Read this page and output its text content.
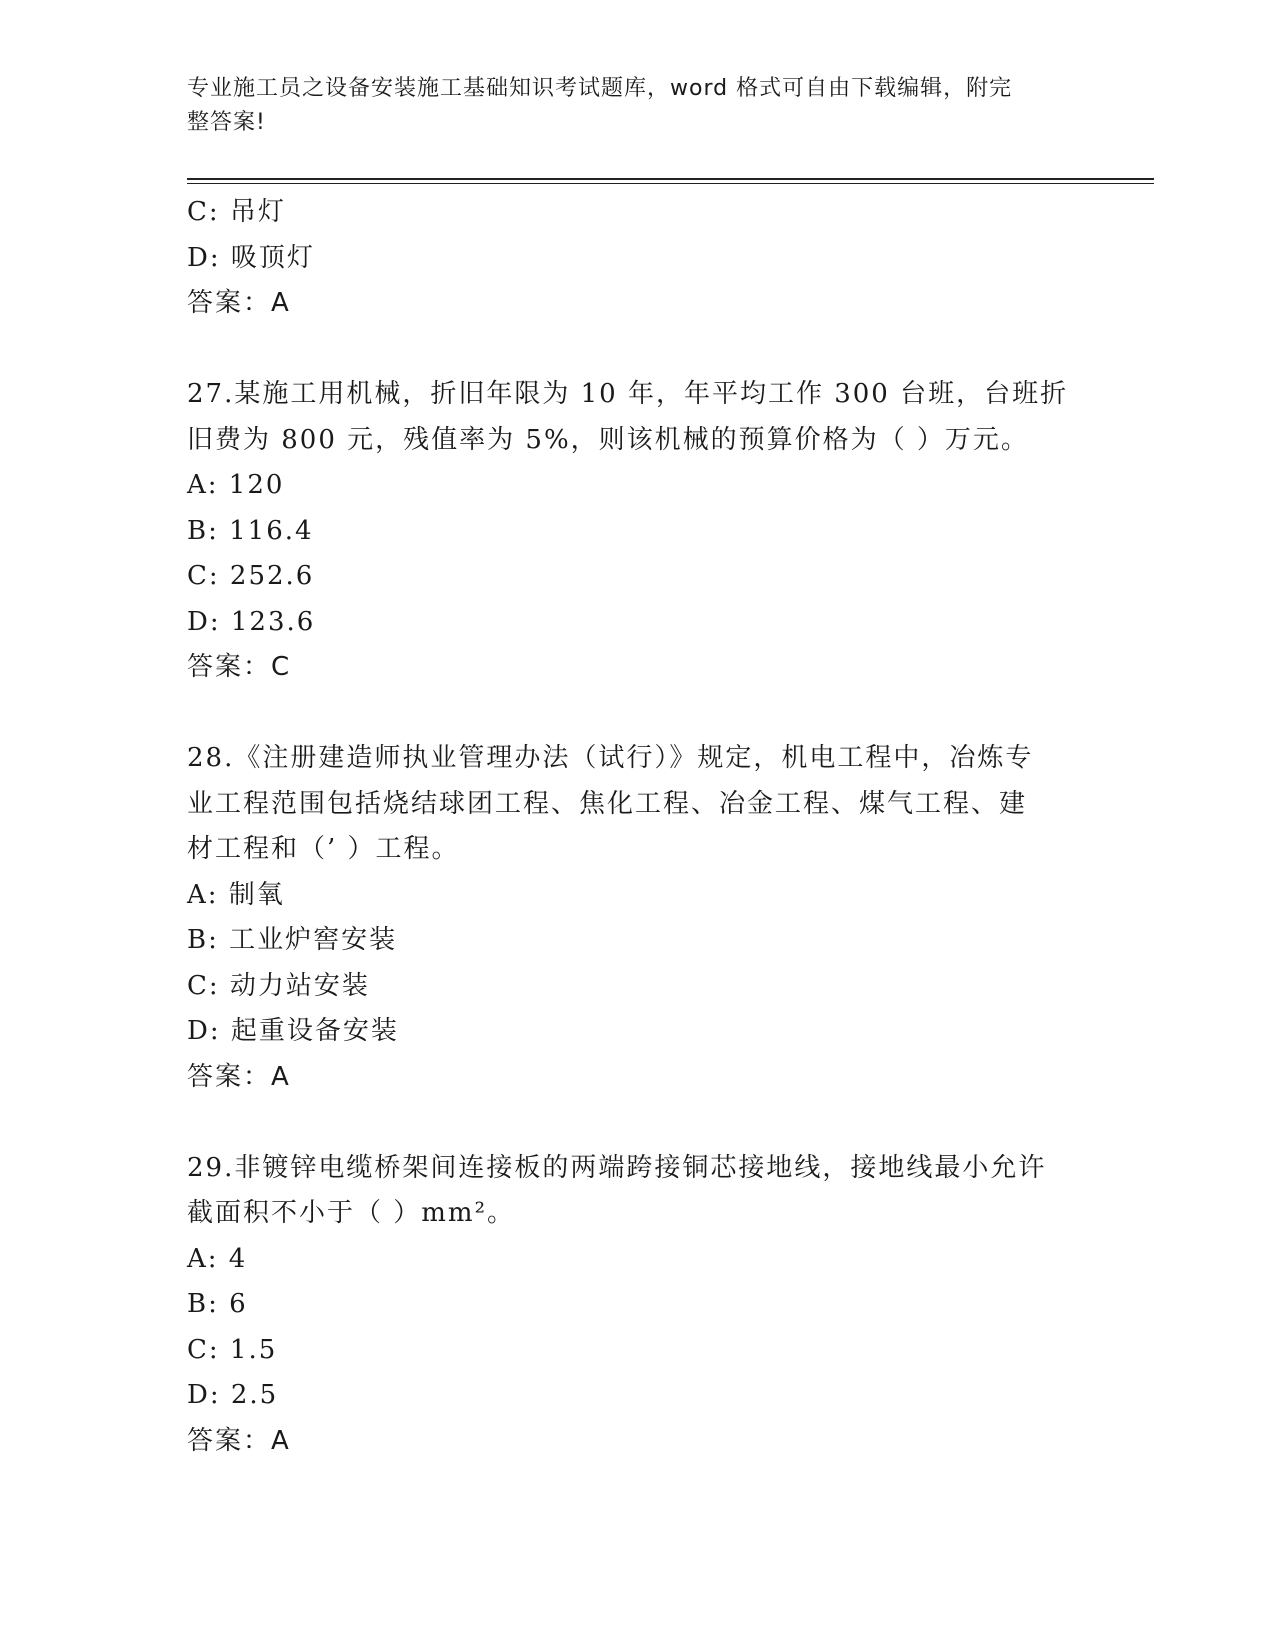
专业施工员之设备安装施工基础知识考试题库，word 格式可自由下载编辑，附完
整答案!
C: 吊灯
D: 吸顶灯
答案：A
27.某施工用机械，折旧年限为 10 年，年平均工作 300 台班，台班折
旧费为 800 元，残值率为 5%，则该机械的预算价格为（ ）万元。
A: 120
B: 116.4
C: 252.6
D: 123.6
答案：C
28.《注册建造师执业管理办法（试行）》规定，机电工程中，冶炼专
业工程范围包括烧结球团工程、焦化工程、冶金工程、煤气工程、建
材工程和（’ ）工程。
A: 制氧
B: 工业炉窖安装
C: 动力站安装
D: 起重设备安装
答案：A
29.非镀锌电缆桥架间连接板的两端跨接铜芯接地线，接地线最小允许
截面积不小于（ ）mm²。
A: 4
B: 6
C: 1.5
D: 2.5
答案：A
